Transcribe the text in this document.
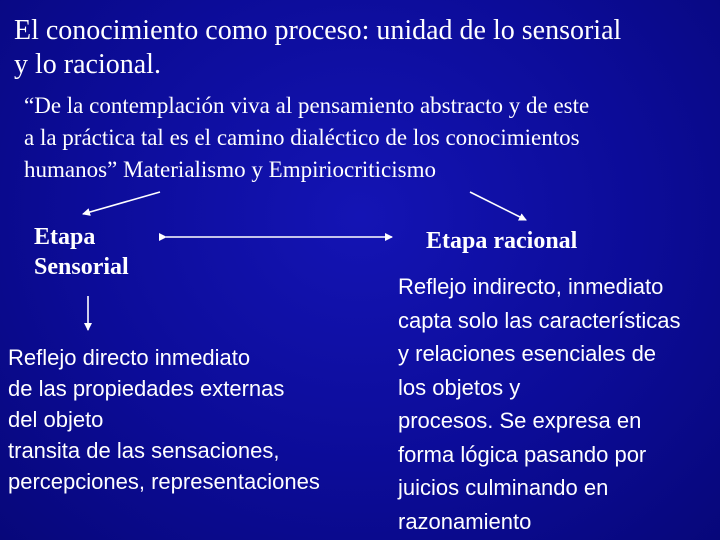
El conocimiento como proceso: unidad de lo sensorial
y lo racional.
“De la contemplación viva al pensamiento abstracto y de este
a la práctica tal es el camino dialéctico de los conocimientos
humanos” Materialismo y Empiriocriticismo
Etapa
Sensorial
Etapa racional
Reflejo directo inmediato
de las propiedades externas
del objeto
transita de las sensaciones,
percepciones, representaciones
Reflejo indirecto, inmediato
capta solo las características
y relaciones esenciales de
los objetos y
procesos. Se expresa en
forma lógica pasando por
juicios culminando en
razonamiento
